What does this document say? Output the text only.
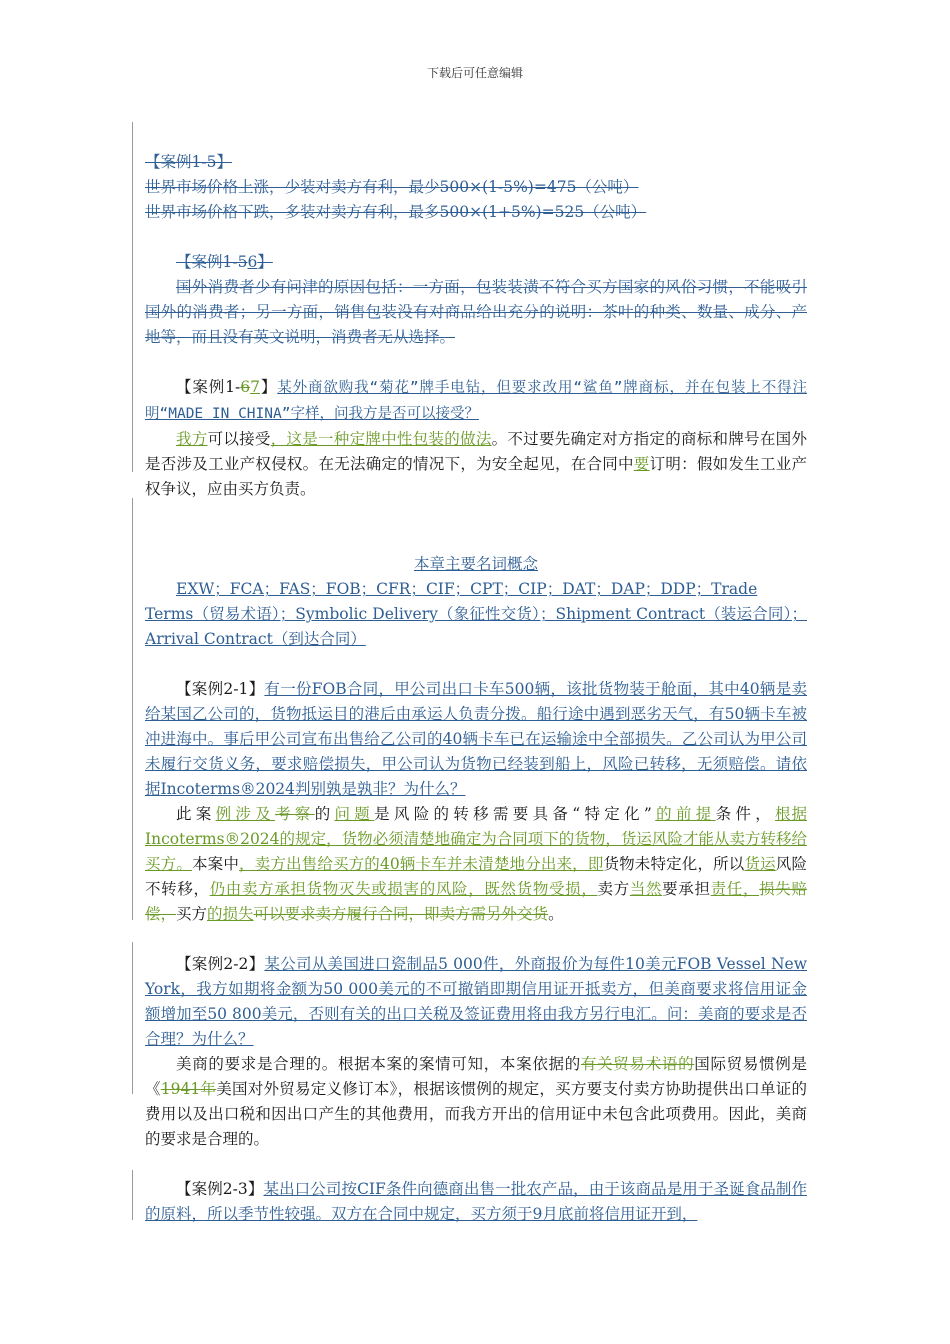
下载后可任意编辑

【案例1-5】

世界市场价格上涨，少装对卖方有利，最少500×(1-5%)=475（公吨）

世界市场价格下跌，多装对卖方有利，最多500×(1+5%)=525（公吨）

【案例1-56】

国外消费者少有问津的原因包括：一方面，包装装潢不符合买方国家的风俗习惯，不能吸引国外的消费者；另一方面，销售包装没有对商品给出充分的说明：茶叶的种类、数量、成分、产地等，而且没有英文说明，消费者无从选择。

【案例1-67】某外商欲购我“菊花”牌手电钻，但要求改用“鲨鱼”牌商标，并在包装上不得注明“MADE IN CHINA”字样，问我方是否可以接受？

我方可以接受，这是一种定牌中性包装的做法。不过要先确定对方指定的商标和牌号在国外是否涉及工业产权侵权。在无法确定的情况下，为安全起见，在合同中要订明：假如发生工业产权争议，应由买方负责。

本章主要名词概念

EXW；FCA；FAS；FOB；CFR；CIF；CPT；CIP；DAT；DAP；DDP；Trade Terms（贸易术语）；Symbolic Delivery（象征性交货）；Shipment Contract（装运合同）；Arrival Contract（到达合同）

【案例2-1】有一份FOB合同，甲公司出口卡车500辆，该批货物装于舱面，其中40辆是卖给某国乙公司的，货物抵运目的港后由承运人负责分拨。船行途中遇到恶劣天气，有50辆卡车被冲进海中。事后甲公司宣布出售给乙公司的40辆卡车已在运输途中全部损失。乙公司认为甲公司未履行交货义务，要求赔偿损失，甲公司认为货物已经装到船上，风险已转移，无须赔偿。请依据Incoterms®2024判别孰是孰非？为什么？

此案例涉及考察的问题是风险的转移需要具备“特定化”的前提条件，根据Incoterms®2024的规定，货物必须清楚地确定为合同项下的货物，货运风险才能从卖方转移给买方。本案中，卖方出售给买方的40辆卡车并未清楚地分出来，即货物未特定化，所以货运风险不转移，仍由卖方承担货物灭失或损害的风险，既然货物受损，卖方当然要承担责任，损失赔偿，买方的损失可以要求卖方履行合同，即卖方需另外交货。

【案例2-2】某公司从美国进口瓷制品5 000件，外商报价为每件10美元FOB Vessel New York，我方如期将金额为50 000美元的不可撤销即期信用证开抵卖方，但美商要求将信用证金额增加至50 800美元，否则有关的出口关税及签证费用将由我方另行电汇。问：美商的要求是否合理？为什么？

美商的要求是合理的。根据本案的案情可知，本案依据的有关贸易术语的国际贸易惯例是《1941年美国对外贸易定义修订本》，根据该惯例的规定，买方要支付卖方协助提供出口单证的费用以及出口税和因出口产生的其他费用，而我方开出的信用证中未包含此项费用。因此，美商的要求是合理的。

【案例2-3】某出口公司按CIF条件向德商出售一批农产品，由于该商品是用于圣诞食品制作的原料，所以季节性较强。双方在合同中规定，买方须于9月底前将信用证开到，
